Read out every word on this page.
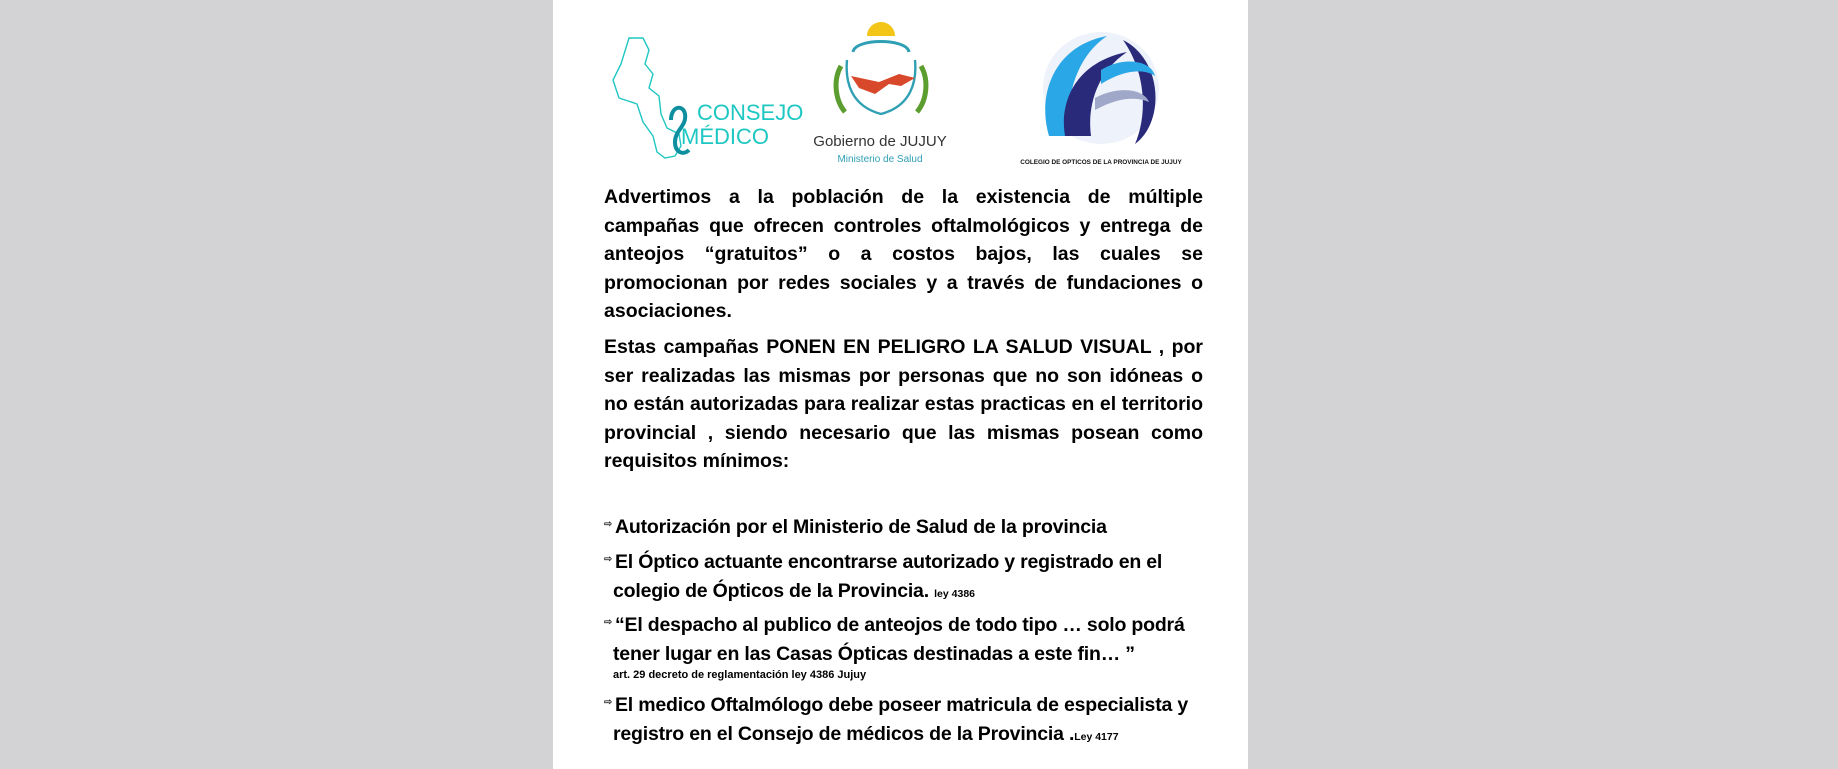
CONSEJO
MÉDICO	Gobierno de JUJUY
Ministerio de Salud	COLEGIO DE OPTICOS DE LA PROVINCIA DE JUJUY

Advertimos a la población de la existencia de múltiple campañas que ofrecen controles oftalmológicos y entrega de anteojos “gratuitos” o a costos bajos, las cuales se promocionan por redes sociales y a través de fundaciones o asociaciones.

Estas campañas PONEN EN PELIGRO LA SALUD VISUAL , por ser realizadas las mismas por personas que no son idóneas o no están autorizadas para realizar estas practicas en el territorio provincial , siendo necesario que las mismas posean como requisitos mínimos:

⇨ Autorización por el Ministerio de Salud de la provincia
⇨ El Óptico actuante encontrarse autorizado y registrado en el
colegio de Ópticos de la Provincia. ley 4386
⇨ “El despacho al publico de anteojos de todo tipo … solo podrá
tener lugar en las Casas Ópticas destinadas a este fin… ”
art. 29 decreto de reglamentación ley 4386 Jujuy
⇨ El medico Oftalmólogo debe poseer matricula de especialista y
registro en el Consejo de médicos de la Provincia .Ley 4177
